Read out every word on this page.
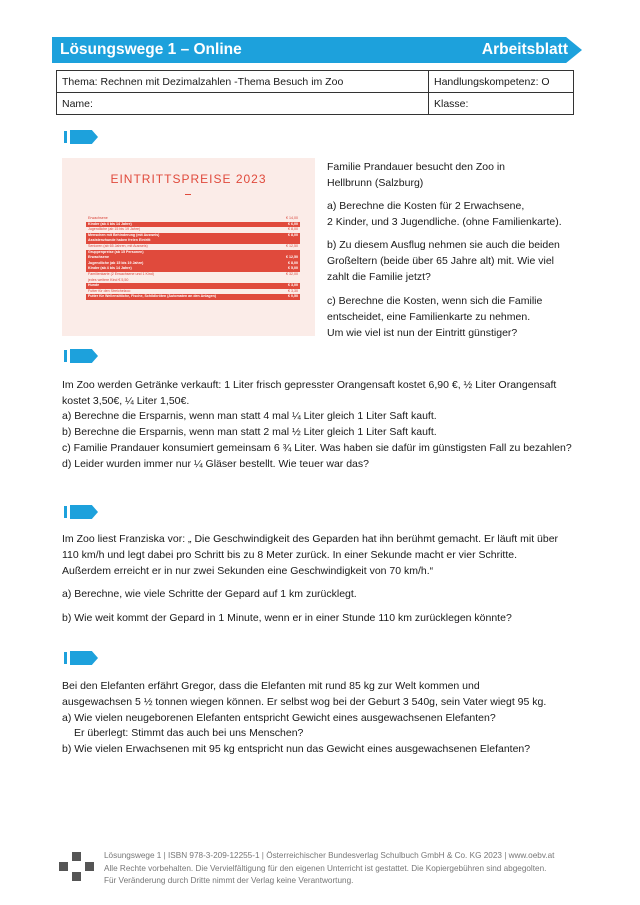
Lösungswege 1 – Online	Arbeitsblatt
Thema: Rechnen mit Dezimalzahlen -Thema Besuch im Zoo	Handlungskompetenz: O
Name:	Klasse:
EINTRITTSPREISE 2023
Erwachsene	€ 14,00
Kinder (ab 4 bis 14 Jahre)	€ 6,00
Jugendliche (ab 15 bis 19 Jahre)	€ 8,00
Menschen mit Behinderung (mit Ausweis)	€ 8,00
Assistenzhunde haben freien Eintritt
Senioren (ab 65 Jahren, mit Ausweis)	€ 12,50
Gruppenpreise (ab 15 Personen)
Erwachsene	€ 12,50
Jugendliche (ab 15 bis 19 Jahre)	€ 8,00
Kinder (ab 4 bis 14 Jahre)	€ 5,00
Familienkarte (2 Erwachsene und 1 Kind)	€ 32,00
jedes weitere Kind € 5,50
Hunde	€ 3,00
Futter für den Streichelzoo	€ 3,30
Futter für Wellensittiche, Fische, Schildkröten (Automaten an den Anlagen)	€ 0,50
Familie Prandauer besucht den Zoo in
Hellbrunn (Salzburg)
a) Berechne die Kosten für 2 Erwachsene,
2 Kinder, und 3 Jugendliche. (ohne Familienkarte).
b) Zu diesem Ausflug nehmen sie auch die beiden
Großeltern (beide über 65 Jahre alt) mit. Wie viel
zahlt die Familie jetzt?
c) Berechne die Kosten, wenn sich die Familie
entscheidet, eine Familienkarte zu nehmen.
Um wie viel ist nun der Eintritt günstiger?
Im Zoo werden Getränke verkauft: 1 Liter frisch gepresster Orangensaft kostet 6,90 €, ½ Liter Orangensaft
kostet 3,50€, ¼ Liter 1,50€.
a) Berechne die Ersparnis, wenn man statt 4 mal ¼ Liter gleich 1 Liter Saft kauft.
b) Berechne die Ersparnis, wenn man statt 2 mal ½ Liter gleich 1 Liter Saft kauft.
c) Familie Prandauer konsumiert gemeinsam 6 ¾ Liter. Was haben sie dafür im günstigsten Fall zu bezahlen?
d) Leider wurden immer nur ¼ Gläser bestellt. Wie teuer war das?
Im Zoo liest Franziska vor: „ Die Geschwindigkeit des Geparden hat ihn berühmt gemacht. Er läuft mit über
110 km/h und legt dabei pro Schritt bis zu 8 Meter zurück. In einer Sekunde macht er vier Schritte.
Außerdem erreicht er in nur zwei Sekunden eine Geschwindigkeit von 70 km/h.“
a) Berechne, wie viele Schritte der Gepard auf 1 km zurücklegt.
b) Wie weit kommt der Gepard in 1 Minute, wenn er in einer Stunde 110 km zurücklegen könnte?
Bei den Elefanten erfährt Gregor, dass die Elefanten mit rund 85 kg zur Welt kommen und
ausgewachsen 5 ½ tonnen wiegen können. Er selbst wog bei der Geburt 3 540g, sein Vater wiegt 95 kg.
a) Wie vielen neugeborenen Elefanten entspricht Gewicht eines ausgewachsenen Elefanten?
Er überlegt: Stimmt das auch bei uns Menschen?
b) Wie vielen Erwachsenen mit 95 kg entspricht nun das Gewicht eines ausgewachsenen Elefanten?
öbv
Lösungswege 1 | ISBN 978-3-209-12255-1 | Österreichischer Bundesverlag Schulbuch GmbH & Co. KG 2023 | www.oebv.at
Alle Rechte vorbehalten. Die Vervielfältigung für den eigenen Unterricht ist gestattet. Die Kopiergebühren sind abgegolten.
Für Veränderung durch Dritte nimmt der Verlag keine Verantwortung.
